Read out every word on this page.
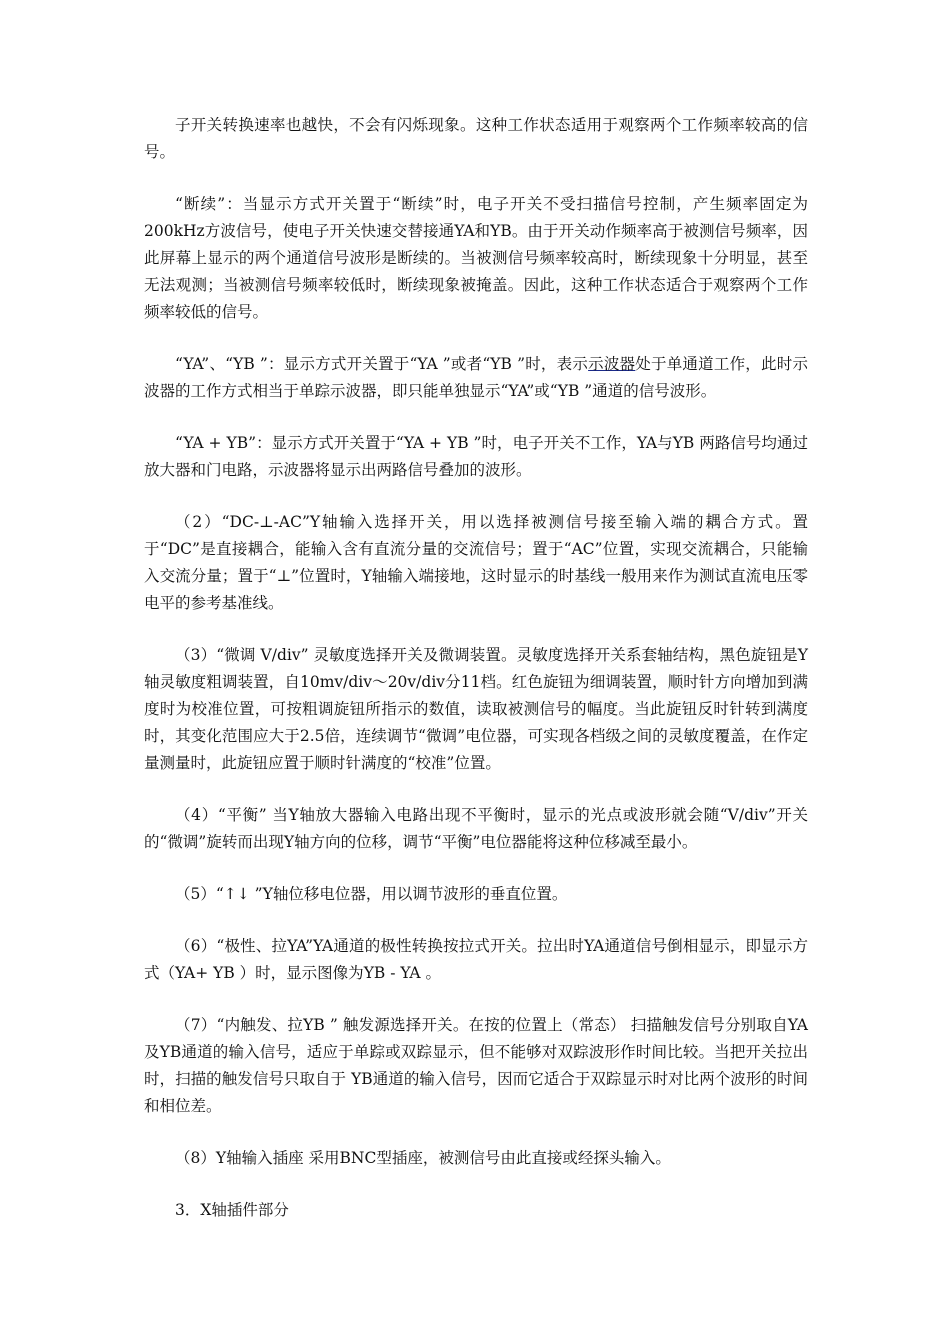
子开关转换速率也越快，不会有闪烁现象。这种工作状态适用于观察两个工作频率较高的信号。

“断续”：当显示方式开关置于“断续”时，电子开关不受扫描信号控制，产生频率固定为200kHz方波信号，使电子开关快速交替接通YA和YB。由于开关动作频率高于被测信号频率，因此屏幕上显示的两个通道信号波形是断续的。当被测信号频率较高时，断续现象十分明显，甚至无法观测；当被测信号频率较低时，断续现象被掩盖。因此，这种工作状态适合于观察两个工作频率较低的信号。

“YA”、“YB ”：显示方式开关置于“YA ”或者“YB ”时，表示示波器处于单通道工作，此时示波器的工作方式相当于单踪示波器，即只能单独显示“YA”或“YB ”通道的信号波形。

“YA + YB”：显示方式开关置于“YA + YB ”时，电子开关不工作，YA与YB 两路信号均通过放大器和门电路，示波器将显示出两路信号叠加的波形。

（2）“DC-⊥-AC”Y轴输入选择开关，用以选择被测信号接至输入端的耦合方式。置于“DC”是直接耦合，能输入含有直流分量的交流信号；置于“AC”位置，实现交流耦合，只能输入交流分量；置于“⊥”位置时，Y轴输入端接地，这时显示的时基线一般用来作为测试直流电压零电平的参考基准线。

（3）“微调 V/div” 灵敏度选择开关及微调装置。灵敏度选择开关系套轴结构，黑色旋钮是Y轴灵敏度粗调装置，自10mv/div～20v/div分11档。红色旋钮为细调装置，顺时针方向增加到满度时为校准位置，可按粗调旋钮所指示的数值，读取被测信号的幅度。当此旋钮反时针转到满度时，其变化范围应大于2.5倍，连续调节“微调”电位器，可实现各档级之间的灵敏度覆盖，在作定量测量时，此旋钮应置于顺时针满度的“校准”位置。

（4）“平衡” 当Y轴放大器输入电路出现不平衡时，显示的光点或波形就会随“V/div”开关的“微调”旋转而出现Y轴方向的位移，调节“平衡”电位器能将这种位移减至最小。

（5）“↑↓ ”Y轴位移电位器，用以调节波形的垂直位置。

（6）“极性、拉YA”YA通道的极性转换按拉式开关。拉出时YA通道信号倒相显示，即显示方式（YA+ YB ）时，显示图像为YB - YA 。

（7）“内触发、拉YB ” 触发源选择开关。在按的位置上（常态） 扫描触发信号分别取自YA及YB通道的输入信号，适应于单踪或双踪显示，但不能够对双踪波形作时间比较。当把开关拉出时，扫描的触发信号只取自于 YB通道的输入信号，因而它适合于双踪显示时对比两个波形的时间和相位差。

（8）Y轴输入插座 采用BNC型插座，被测信号由此直接或经探头输入。

3．X轴插件部分
